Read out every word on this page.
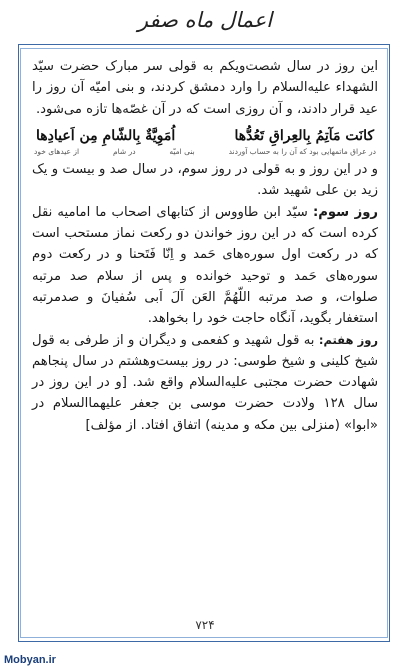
اعمال ماه صفر

این روز در سال شصت‌ویکم به قولی سر مبارک حضرت سیّد الشهداء علیه‌السلام را وارد دمشق کردند، و بنی امیّه آن روز را عید قرار دادند، و آن روزی است که در آن غصّه‌ها تازه می‌شود.

كانَت مَآتِمُ بِالعِراقِ تَعُدُّها
اُمَوِيَّةٌ بِالشّامِ مِن اَعيادِها
در عراق ماتمهایی بود که آن را به حساب آوردند
بنی امیّه
در شام
از عیدهای خود

و در این روز و به قولی در روز سوم، در سال صد و بیست و یک زید بن علی شهید شد.

روز سوم: سیّد ابن طاووس از کتابهای اصحاب ما امامیه نقل کرده است که در این روز خواندن دو رکعت نماز مستحب است که در رکعت اول سوره‌های حَمد و اِنّا فَتَحنا و در رکعت دوم سوره‌های حَمد و توحید خوانده و پس از سلام صد مرتبه صلوات، و صد مرتبه اللّهُمَّ العَن آلَ اَبی سُفیانَ و صدمرتبه استغفار بگوید، آنگاه حاجت خود را بخواهد.

روز هفتم: به قول شهید و کفعمی و دیگران و از طرفی به قول شیخ کلینی و شیخ طوسی: در روز بیست‌وهشتم در سال پنجاهم شهادت حضرت مجتبی علیه‌السلام واقع شد. [و در این روز در سال ۱۲۸ ولادت حضرت موسی بن جعفر علیهما‌السلام در «ابوا» (منزلی بین مکه و مدینه) اتفاق افتاد. از مؤلف]

۷۲۴
Mobyan.ir
